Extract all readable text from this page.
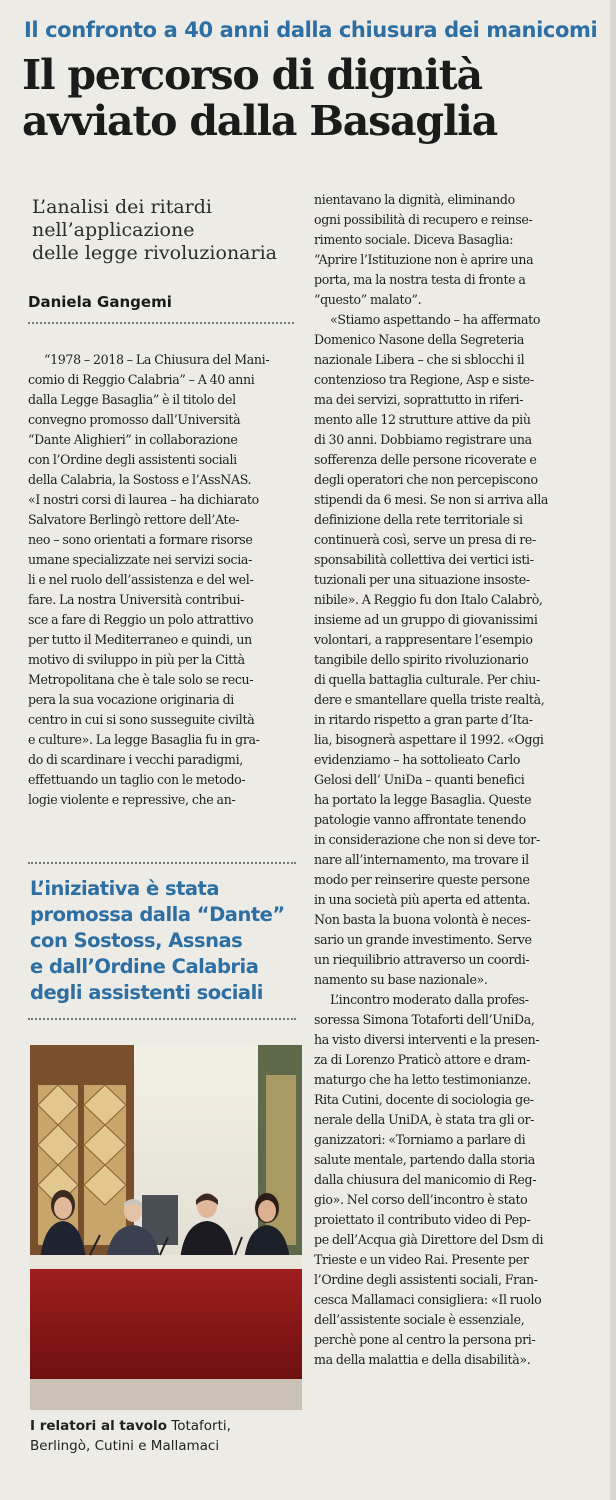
Il confronto a 40 anni dalla chiusura dei manicomi
Il percorso di dignità
avviato dalla Basaglia
L’analisi dei ritardi
nell’applicazione
delle legge rivoluzionaria
Daniela Gangemi
“1978 – 2018 – La Chiusura del Mani-
comio di Reggio Calabria” – A 40 anni
dalla Legge Basaglia” è il titolo del
convegno promosso dall’Università
“Dante Alighieri” in collaborazione
con l’Ordine degli assistenti sociali
della Calabria, la Sostoss e l’AssNAS.
«I nostri corsi di laurea – ha dichiarato
Salvatore Berlingò rettore dell’Ate-
neo – sono orientati a formare risorse
umane specializzate nei servizi socia-
li e nel ruolo dell’assistenza e del wel-
fare. La nostra Università contribui-
sce a fare di Reggio un polo attrattivo
per tutto il Mediterraneo e quindi, un
motivo di sviluppo in più per la Città
Metropolitana che è tale solo se recu-
pera la sua vocazione originaria di
centro in cui si sono susseguite civiltà
e culture». La legge Basaglia fu in gra-
do di scardinare i vecchi paradigmi,
effettuando un taglio con le metodo-
logie violente e repressive, che an-
L’iniziativa è stata
promossa dalla “Dante”
con Sostoss, Assnas
e dall’Ordine Calabria
degli assistenti sociali
nientavano la dignità, eliminando
ogni possibilità di recupero e reinse-
rimento sociale. Diceva Basaglia:
“Aprire l’Istituzione non è aprire una
porta, ma la nostra testa di fronte a
“questo” malato”.
«Stiamo aspettando – ha affermato
Domenico Nasone della Segreteria
nazionale Libera – che si sblocchi il
contenzioso tra Regione, Asp e siste-
ma dei servizi, soprattutto in riferi-
mento alle 12 strutture attive da più
di 30 anni. Dobbiamo registrare una
sofferenza delle persone ricoverate e
degli operatori che non percepiscono
stipendi da 6 mesi. Se non si arriva alla
definizione della rete territoriale si
continuerà così, serve un presa di re-
sponsabilità collettiva dei vertici isti-
tuzionali per una situazione insoste-
nibile». A Reggio fu don Italo Calabrò,
insieme ad un gruppo di giovanissimi
volontari, a rappresentare l’esempio
tangibile dello spirito rivoluzionario
di quella battaglia culturale. Per chiu-
dere e smantellare quella triste realtà,
in ritardo rispetto a gran parte d’Ita-
lia, bisognerà aspettare il 1992. «Oggi
evidenziamo – ha sottolieato Carlo
Gelosi dell’ UniDa – quanti benefici
ha portato la legge Basaglia. Queste
patologie vanno affrontate tenendo
in considerazione che non si deve tor-
nare all’internamento, ma trovare il
modo per reinserire queste persone
in una società più aperta ed attenta.
Non basta la buona volontà è neces-
sario un grande investimento. Serve
un riequilibrio attraverso un coordi-
namento su base nazionale».
L’incontro moderato dalla profes-
soressa Simona Totaforti dell’UniDa,
ha visto diversi interventi e la presen-
za di Lorenzo Praticò attore e dram-
maturgo che ha letto testimonianze.
Rita Cutini, docente di sociologia ge-
nerale della UniDA, è stata tra gli or-
ganizzatori: «Torniamo a parlare di
salute mentale, partendo dalla storia
dalla chiusura del manicomio di Reg-
gio». Nel corso dell’incontro è stato
proiettato il contributo video di Pep-
pe dell’Acqua già Direttore del Dsm di
Trieste e un video Rai. Presente per
l’Ordine degli assistenti sociali, Fran-
cesca Mallamaci consigliera: «Il ruolo
dell’assistente sociale è essenziale,
perchè pone al centro la persona pri-
ma della malattia e della disabilità».
I relatori al tavolo Totaforti,
Berlingò, Cutini e Mallamaci
